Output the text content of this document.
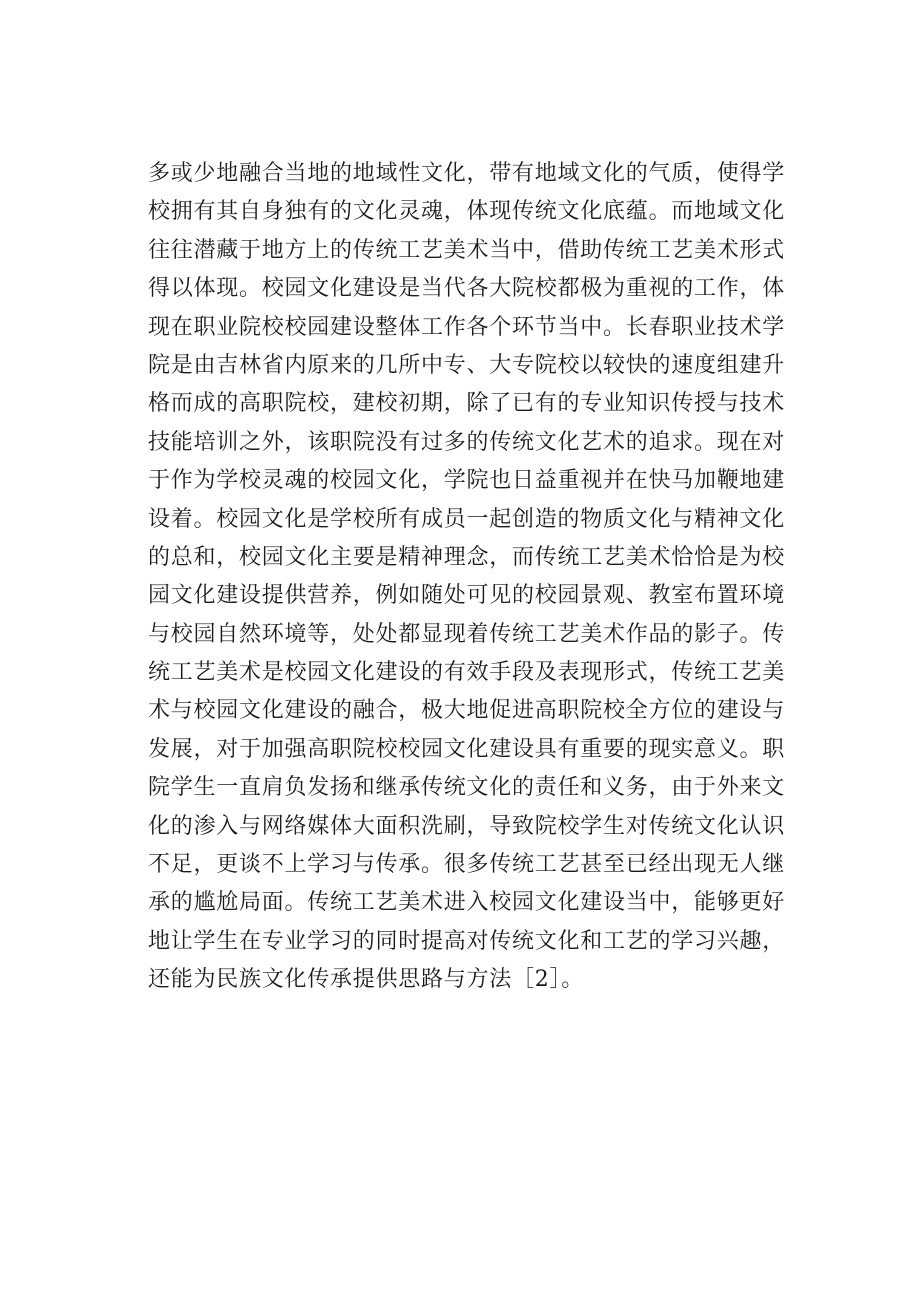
多或少地融合当地的地域性文化，带有地域文化的气质，使得学
校拥有其自身独有的文化灵魂，体现传统文化底蕴。而地域文化
往往潜藏于地方上的传统工艺美术当中，借助传统工艺美术形式
得以体现。校园文化建设是当代各大院校都极为重视的工作，体
现在职业院校校园建设整体工作各个环节当中。长春职业技术学
院是由吉林省内原来的几所中专、大专院校以较快的速度组建升
格而成的高职院校，建校初期，除了已有的专业知识传授与技术
技能培训之外，该职院没有过多的传统文化艺术的追求。现在对
于作为学校灵魂的校园文化，学院也日益重视并在快马加鞭地建
设着。校园文化是学校所有成员一起创造的物质文化与精神文化
的总和，校园文化主要是精神理念，而传统工艺美术恰恰是为校
园文化建设提供营养，例如随处可见的校园景观、教室布置环境
与校园自然环境等，处处都显现着传统工艺美术作品的影子。传
统工艺美术是校园文化建设的有效手段及表现形式，传统工艺美
术与校园文化建设的融合，极大地促进高职院校全方位的建设与
发展，对于加强高职院校校园文化建设具有重要的现实意义。职
院学生一直肩负发扬和继承传统文化的责任和义务，由于外来文
化的渗入与网络媒体大面积洗刷，导致院校学生对传统文化认识
不足，更谈不上学习与传承。很多传统工艺甚至已经出现无人继
承的尴尬局面。传统工艺美术进入校园文化建设当中，能够更好
地让学生在专业学习的同时提高对传统文化和工艺的学习兴趣，
还能为民族文化传承提供思路与方法［2］。
